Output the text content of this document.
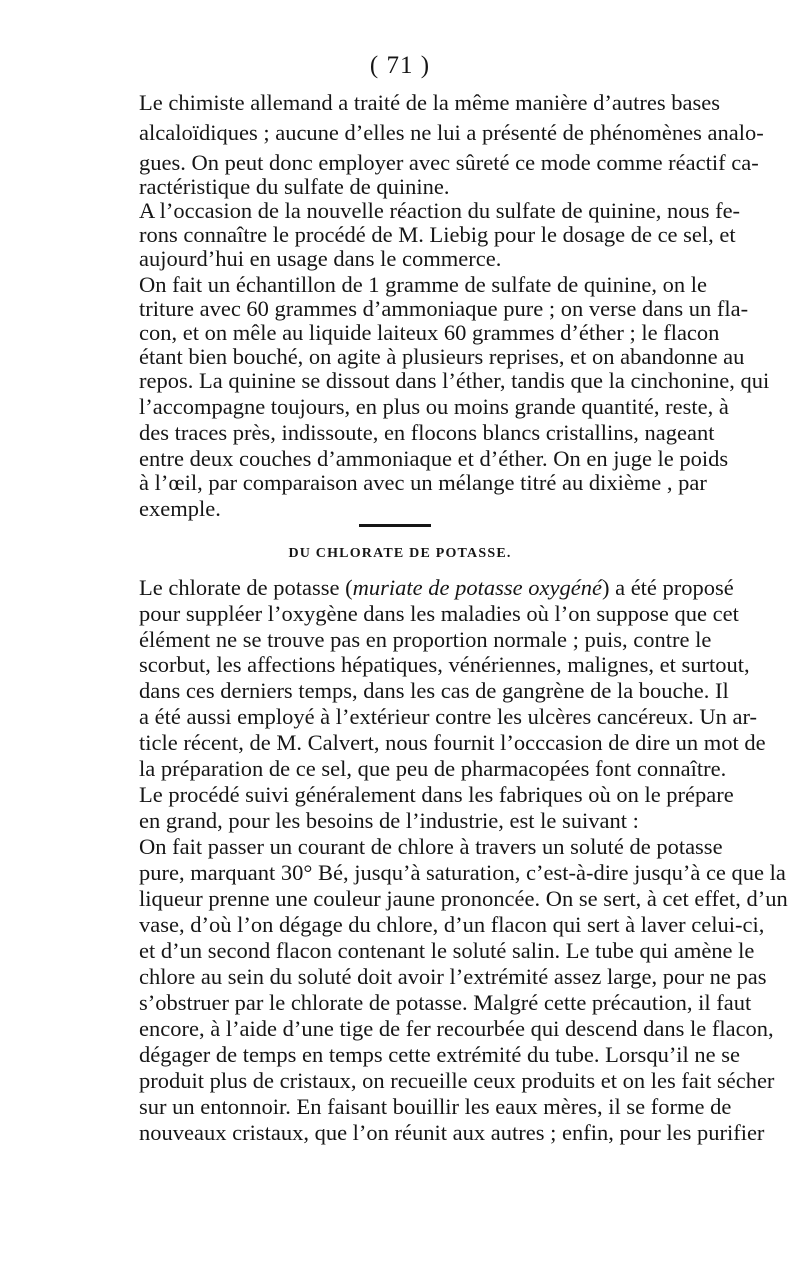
( 71 )
Le chimiste allemand a traité de la même manière d’autres bases
alcaloïdiques ; aucune d’elles ne lui a présenté de phénomènes analo-
gues. On peut donc employer avec sûreté ce mode comme réactif ca-
ractéristique du sulfate de quinine.
A l’occasion de la nouvelle réaction du sulfate de quinine, nous fe-
rons connaître le procédé de M. Liebig pour le dosage de ce sel, et
aujourd’hui en usage dans le commerce.
On fait un échantillon de 1 gramme de sulfate de quinine, on le
triture avec 60 grammes d’ammoniaque pure ; on verse dans un fla-
con, et on mêle au liquide laiteux 60 grammes d’éther ; le flacon
étant bien bouché, on agite à plusieurs reprises, et on abandonne au
repos. La quinine se dissout dans l’éther, tandis que la cinchonine, qui
l’accompagne toujours, en plus ou moins grande quantité, reste, à
des traces près, indissoute, en flocons blancs cristallins, nageant
entre deux couches d’ammoniaque et d’éther. On en juge le poids
à l’œil, par comparaison avec un mélange titré au dixième , par
exemple.
DU CHLORATE DE POTASSE.
Le chlorate de potasse (muriate de potasse oxygéné) a été proposé
pour suppléer l’oxygène dans les maladies où l’on suppose que cet
élément ne se trouve pas en proportion normale ; puis, contre le
scorbut, les affections hépatiques, vénériennes, malignes, et surtout,
dans ces derniers temps, dans les cas de gangrène de la bouche. Il
a été aussi employé à l’extérieur contre les ulcères cancéreux. Un ar-
ticle récent, de M. Calvert, nous fournit l’occcasion de dire un mot de
la préparation de ce sel, que peu de pharmacopées font connaître.
Le procédé suivi généralement dans les fabriques où on le prépare
en grand, pour les besoins de l’industrie, est le suivant :
On fait passer un courant de chlore à travers un soluté de potasse
pure, marquant 30° Bé, jusqu’à saturation, c’est-à-dire jusqu’à ce que la
liqueur prenne une couleur jaune prononcée. On se sert, à cet effet, d’un
vase, d’où l’on dégage du chlore, d’un flacon qui sert à laver celui-ci,
et d’un second flacon contenant le soluté salin. Le tube qui amène le
chlore au sein du soluté doit avoir l’extrémité assez large, pour ne pas
s’obstruer par le chlorate de potasse. Malgré cette précaution, il faut
encore, à l’aide d’une tige de fer recourbée qui descend dans le flacon,
dégager de temps en temps cette extrémité du tube. Lorsqu’il ne se
produit plus de cristaux, on recueille ceux produits et on les fait sécher
sur un entonnoir. En faisant bouillir les eaux mères, il se forme de
nouveaux cristaux, que l’on réunit aux autres ; enfin, pour les purifier
